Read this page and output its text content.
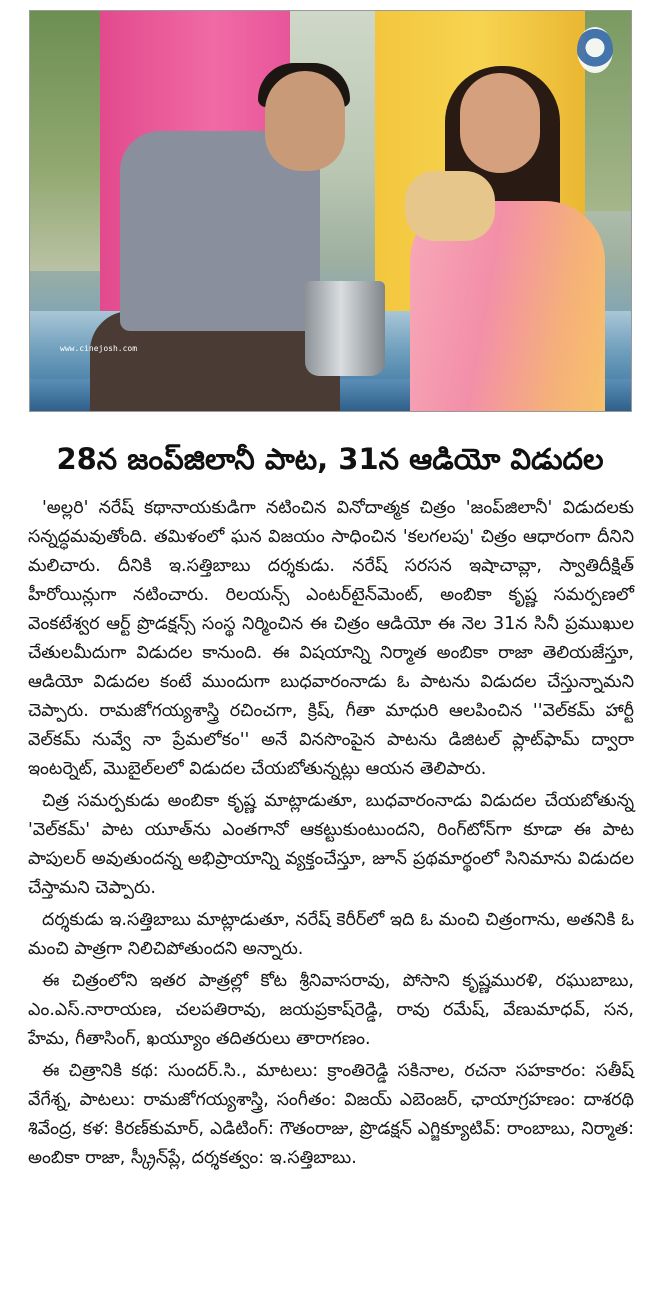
www.cinejosh.com
28న జంప్‌జిలానీ పాట, 31న ఆడియో విడుదల

'అల్లరి' నరేష్ కథానాయకుడిగా నటించిన వినోదాత్మక చిత్రం 'జంప్‌జిలానీ' విడుదలకు సన్నద్ధమవుతోంది. తమిళంలో ఘన విజయం సాధించిన 'కలగలపు' చిత్రం ఆధారంగా దీనిని మలిచారు. దీనికి ఇ.సత్తిబాబు దర్శకుడు. నరేష్ సరసన ఇషాచావ్లా, స్వాతిదీక్షిత్ హీరోయిన్లుగా నటించారు. రిలయన్స్ ఎంటర్‌టైన్‌మెంట్, అంబికా కృష్ణ సమర్పణలో వెంకటేశ్వర ఆర్ట్ ప్రొడక్షన్స్ సంస్థ నిర్మించిన ఈ చిత్రం ఆడియో ఈ నెల 31న సినీ ప్రముఖుల చేతులమీదుగా విడుదల కానుంది. ఈ విషయాన్ని నిర్మాత అంబికా రాజా తెలియజేస్తూ, ఆడియో విడుదల కంటే ముందుగా బుధవారంనాడు ఓ పాటను విడుదల చేస్తున్నామని చెప్పారు. రామజోగయ్యశాస్త్రి రచించగా, క్రిష్, గీతా మాధురి ఆలపించిన ''వెల్‌కమ్ హార్టీ వెల్‌కమ్ నువ్వే నా ప్రేమలోకం'' అనే వినసొంపైన పాటను డిజిటల్ ప్లాట్‌ఫామ్ ద్వారా ఇంటర్నెట్, మొబైల్‌లలో విడుదల చేయబోతున్నట్లు ఆయన తెలిపారు.

చిత్ర సమర్పకుడు అంబికా కృష్ణ మాట్లాడుతూ, బుధవారంనాడు విడుదల చేయబోతున్న 'వెల్‌కమ్' పాట యూత్‌ను ఎంతగానో ఆకట్టుకుంటుందని, రింగ్‌టోన్‌గా కూడా ఈ పాట పాపులర్ అవుతుందన్న అభిప్రాయాన్ని వ్యక్తంచేస్తూ, జూన్ ప్రథమార్థంలో సినిమాను విడుదల చేస్తామని చెప్పారు.

దర్శకుడు ఇ.సత్తిబాబు మాట్లాడుతూ, నరేష్ కెరీర్‌లో ఇది ఓ మంచి చిత్రంగాను, అతనికి ఓ మంచి పాత్రగా నిలిచిపోతుందని అన్నారు.

ఈ చిత్రంలోని ఇతర పాత్రల్లో కోట శ్రీనివాసరావు, పోసాని కృష్ణమురళి, రఘుబాబు, ఎం.ఎస్.నారాయణ, చలపతిరావు, జయప్రకాష్‌రెడ్డి, రావు రమేష్, వేణుమాధవ్, సన, హేమ, గీతాసింగ్, ఖయ్యూం తదితరులు తారాగణం.

ఈ చిత్రానికి కథ: సుందర్.సి., మాటలు: క్రాంతిరెడ్డి సకినాల, రచనా సహకారం: సతీష్ వేగేశ్న, పాటలు: రామజోగయ్యశాస్త్రి, సంగీతం: విజయ్ ఎబెంజర్, ఛాయాగ్రహణం: దాశరథి శివేంద్ర, కళ: కిరణ్‌కుమార్, ఎడిటింగ్: గౌతంరాజు, ప్రొడక్షన్ ఎగ్జిక్యూటివ్: రాంబాబు, నిర్మాత: అంబికా రాజా, స్క్రీన్‌ప్లే, దర్శకత్వం: ఇ.సత్తిబాబు.
